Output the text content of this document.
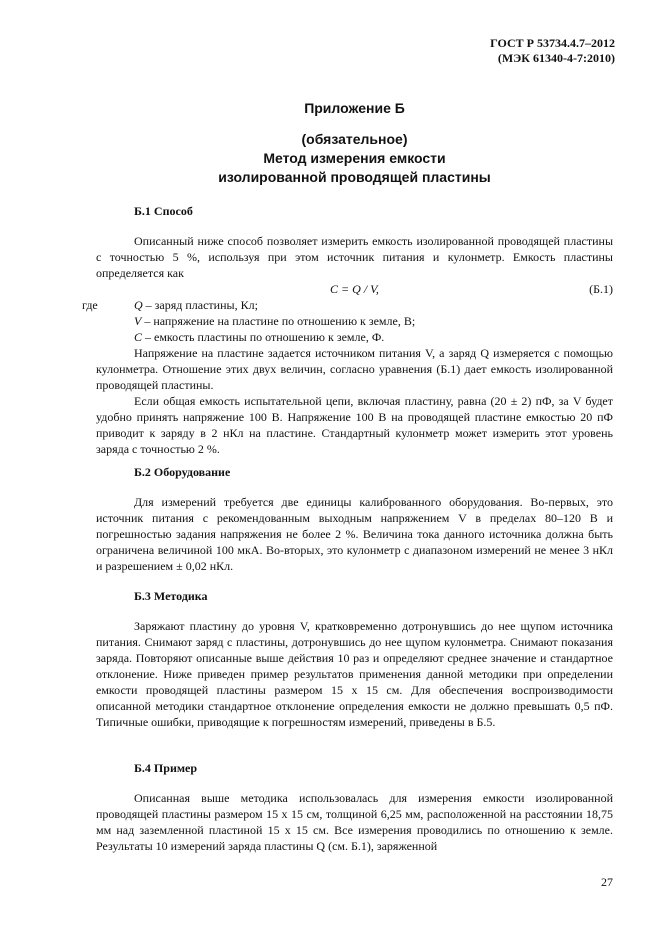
ГОСТ Р 53734.4.7–2012
(МЭК 61340-4-7:2010)
Приложение Б
(обязательное)
Метод измерения емкости
изолированной проводящей пластины
Б.1 Способ

Описанный ниже способ позволяет измерить емкость изолированной проводящей пластины с точностью 5 %, используя при этом источник питания и кулонметр. Емкость пластины определяется как

C = Q / V,	(Б.1)
где	Q – заряд пластины, Кл;
V – напряжение на пластине по отношению к земле, В;
C – емкость пластины по отношению к земле, Ф.

Напряжение на пластине задается источником питания V, а заряд Q измеряется с помощью кулонметра. Отношение этих двух величин, согласно уравнения (Б.1) дает емкость изолированной проводящей пластины.

Если общая емкость испытательной цепи, включая пластину, равна (20 ± 2) пФ, за V будет удобно принять напряжение 100 В. Напряжение 100 В на проводящей пластине емкостью 20 пФ приводит к заряду в 2 нКл на пластине. Стандартный кулонметр может измерить этот уровень заряда с точностью 2 %.

Б.2 Оборудование

Для измерений требуется две единицы калиброванного оборудования. Во-первых, это источник питания с рекомендованным выходным напряжением V в пределах 80–120 В и погрешностью задания напряжения не более 2 %. Величина тока данного источника должна быть ограничена величиной 100 мкА. Во-вторых, это кулонметр с диапазоном измерений не менее 3 нКл и разрешением ± 0,02 нКл.

Б.3 Методика

Заряжают пластину до уровня V, кратковременно дотронувшись до нее щупом источника питания. Снимают заряд с пластины, дотронувшись до нее щупом кулонметра. Снимают показания заряда. Повторяют описанные выше действия 10 раз и определяют среднее значение и стандартное отклонение. Ниже приведен пример результатов применения данной методики при определении емкости проводящей пластины размером 15 х 15 см. Для обеспечения воспроизводимости описанной методики стандартное отклонение определения емкости не должно превышать 0,5 пФ. Типичные ошибки, приводящие к погрешностям измерений, приведены в Б.5.

Б.4 Пример

Описанная выше методика использовалась для измерения емкости изолированной проводящей пластины размером 15 х 15 см, толщиной 6,25 мм, расположенной на расстоянии 18,75 мм над заземленной пластиной 15 х 15 см. Все измерения проводились по отношению к земле. Результаты 10 измерений заряда пластины Q (см. Б.1), заряженной

27
